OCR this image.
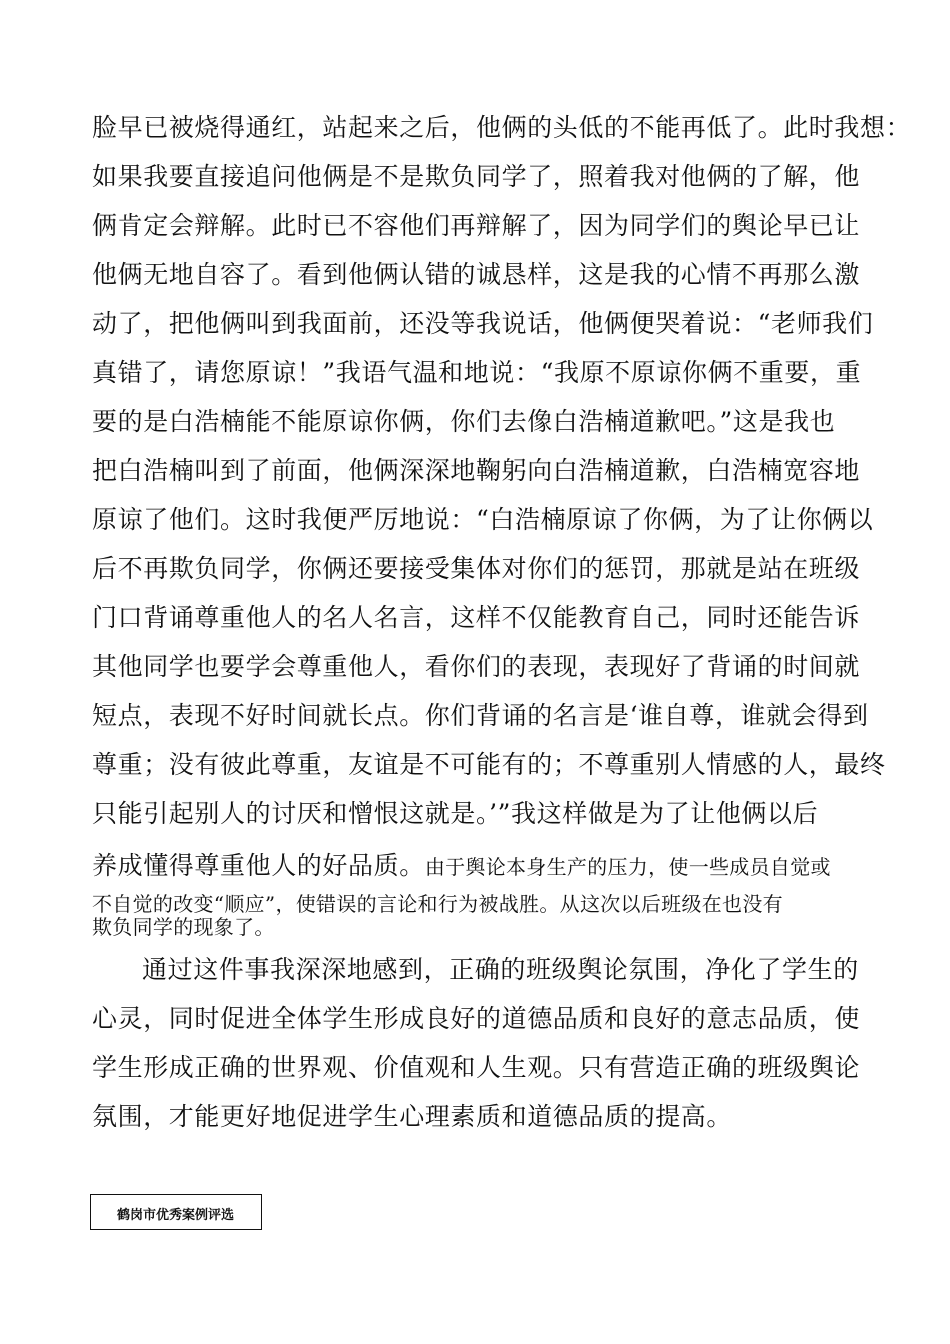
脸早已被烧得通红，站起来之后，他俩的头低的不能再低了。此时我想：
如果我要直接追问他俩是不是欺负同学了，照着我对他俩的了解，他
俩肯定会辩解。此时已不容他们再辩解了，因为同学们的舆论早已让
他俩无地自容了。看到他俩认错的诚恳样，这是我的心情不再那么激
动了，把他俩叫到我面前，还没等我说话，他俩便哭着说：“老师我们
真错了，请您原谅！”我语气温和地说：“我原不原谅你俩不重要，重
要的是白浩楠能不能原谅你俩，你们去像白浩楠道歉吧。”这是我也
把白浩楠叫到了前面，他俩深深地鞠躬向白浩楠道歉，白浩楠宽容地
原谅了他们。这时我便严厉地说：“白浩楠原谅了你俩，为了让你俩以
后不再欺负同学，你俩还要接受集体对你们的惩罚，那就是站在班级
门口背诵尊重他人的名人名言，这样不仅能教育自己，同时还能告诉
其他同学也要学会尊重他人，看你们的表现，表现好了背诵的时间就
短点，表现不好时间就长点。你们背诵的名言是‘谁自尊，谁就会得到
尊重；没有彼此尊重，友谊是不可能有的；不尊重别人情感的人，最终
只能引起别人的讨厌和憎恨这就是。’”我这样做是为了让他俩以后
养成懂得尊重他人的好品质。由于舆论本身生产的压力，使一些成员自觉或
不自觉的改变“顺应”，使错误的言论和行为被战胜。从这次以后班级在也没有
欺负同学的现象了。
通过这件事我深深地感到，正确的班级舆论氛围，净化了学生的
心灵，同时促进全体学生形成良好的道德品质和良好的意志品质，使
学生形成正确的世界观、价值观和人生观。只有营造正确的班级舆论
氛围，才能更好地促进学生心理素质和道德品质的提高。
鹤岗市优秀案例评选
